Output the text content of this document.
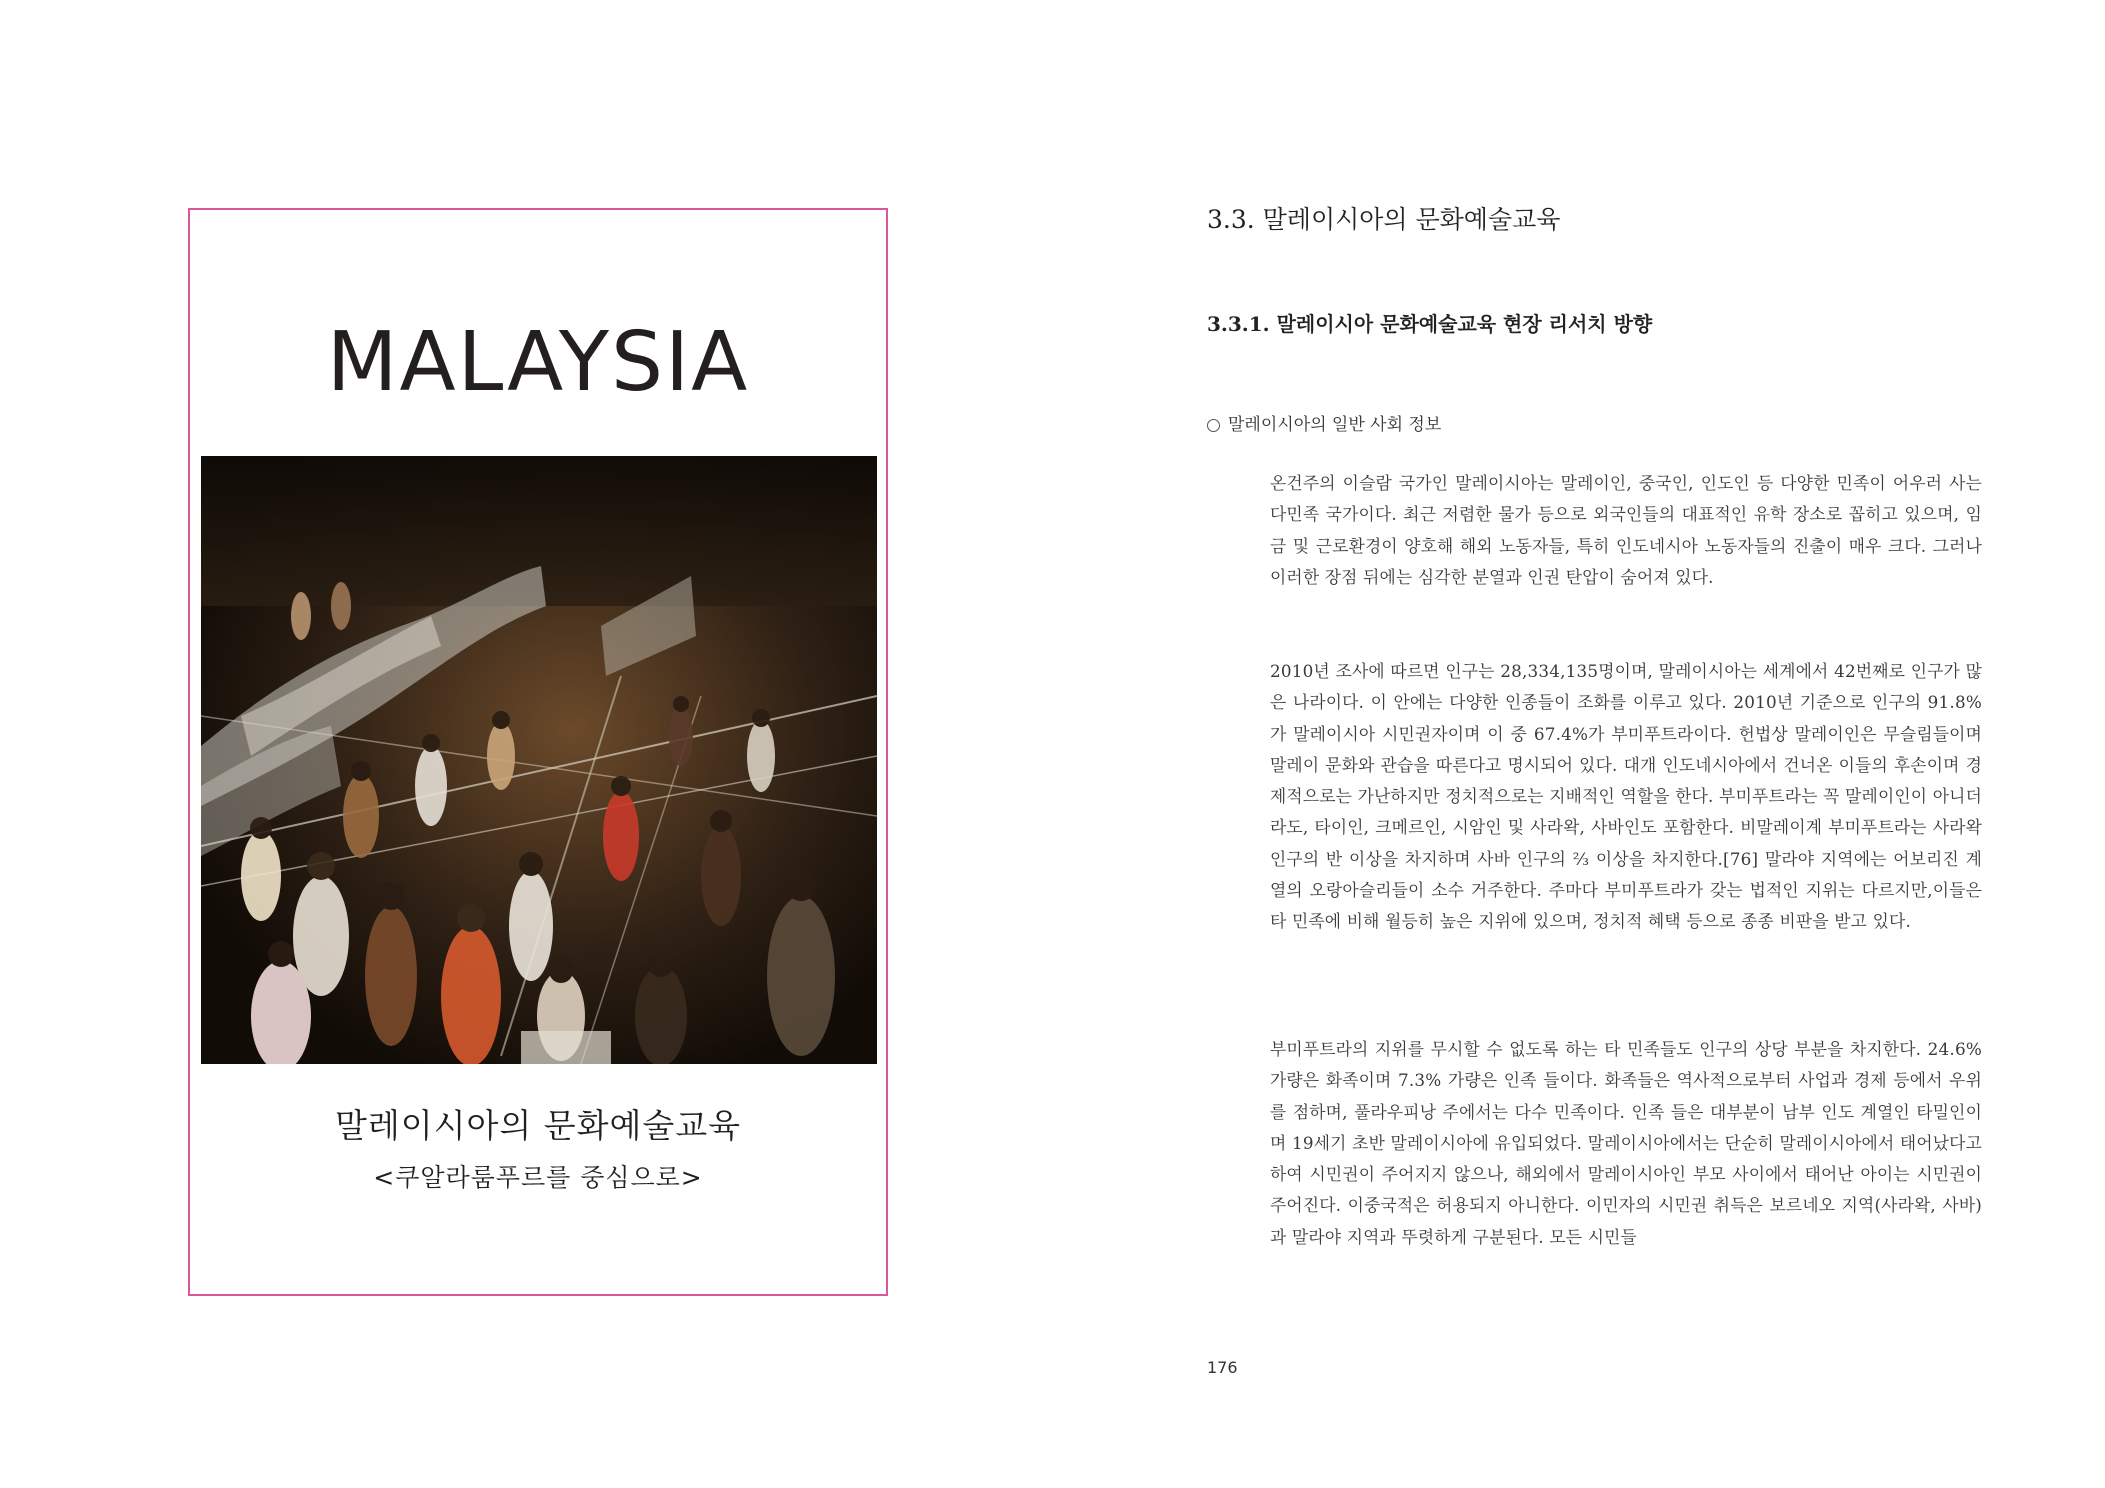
MALAYSIA
말레이시아의 문화예술교육
<쿠알라룸푸르를 중심으로>
3.3. 말레이시아의 문화예술교육
3.3.1. 말레이시아 문화예술교육 현장 리서치 방향
말레이시아의 일반 사회 정보

온건주의 이슬람 국가인 말레이시아는 말레이인, 중국인, 인도인 등 다양한 민족이 어우러 사는 다민족 국가이다. 최근 저렴한 물가 등으로 외국인들의 대표적인 유학 장소로 꼽히고 있으며, 임금 및 근로환경이 양호해 해외 노동자들, 특히 인도네시아 노동자들의 진출이 매우 크다. 그러나 이러한 장점 뒤에는 심각한 분열과 인권 탄압이 숨어져 있다.

2010년 조사에 따르면 인구는 28,334,135명이며, 말레이시아는 세계에서 42번째로 인구가 많은 나라이다. 이 안에는 다양한 인종들이 조화를 이루고 있다. 2010년 기준으로 인구의 91.8%가 말레이시아 시민권자이며 이 중 67.4%가 부미푸트라이다. 헌법상 말레이인은 무슬림들이며 말레이 문화와 관습을 따른다고 명시되어 있다. 대개 인도네시아에서 건너온 이들의 후손이며 경제적으로는 가난하지만 정치적으로는 지배적인 역할을 한다. 부미푸트라는 꼭 말레이인이 아니더라도, 타이인, 크메르인, 시암인 및 사라왁, 사바인도 포함한다. 비말레이계 부미푸트라는 사라왁 인구의 반 이상을 차지하며 사바 인구의 ⅔ 이상을 차지한다.[76] 말라야 지역에는 어보리진 계열의 오랑아슬리들이 소수 거주한다. 주마다 부미푸트라가 갖는 법적인 지위는 다르지만,이들은 타 민족에 비해 월등히 높은 지위에 있으며, 정치적 혜택 등으로 종종 비판을 받고 있다.

부미푸트라의 지위를 무시할 수 없도록 하는 타 민족들도 인구의 상당 부분을 차지한다. 24.6% 가량은 화족이며 7.3% 가량은 인족 들이다. 화족들은 역사적으로부터 사업과 경제 등에서 우위를 점하며, 풀라우피낭 주에서는 다수 민족이다. 인족 들은 대부분이 남부 인도 계열인 타밀인이며 19세기 초반 말레이시아에 유입되었다. 말레이시아에서는 단순히 말레이시아에서 태어났다고 하여 시민권이 주어지지 않으나, 해외에서 말레이시아인 부모 사이에서 태어난 아이는 시민권이 주어진다. 이중국적은 허용되지 아니한다. 이민자의 시민권 취득은 보르네오 지역(사라왁, 사바)과 말라야 지역과 뚜렷하게 구분된다. 모든 시민들

176
